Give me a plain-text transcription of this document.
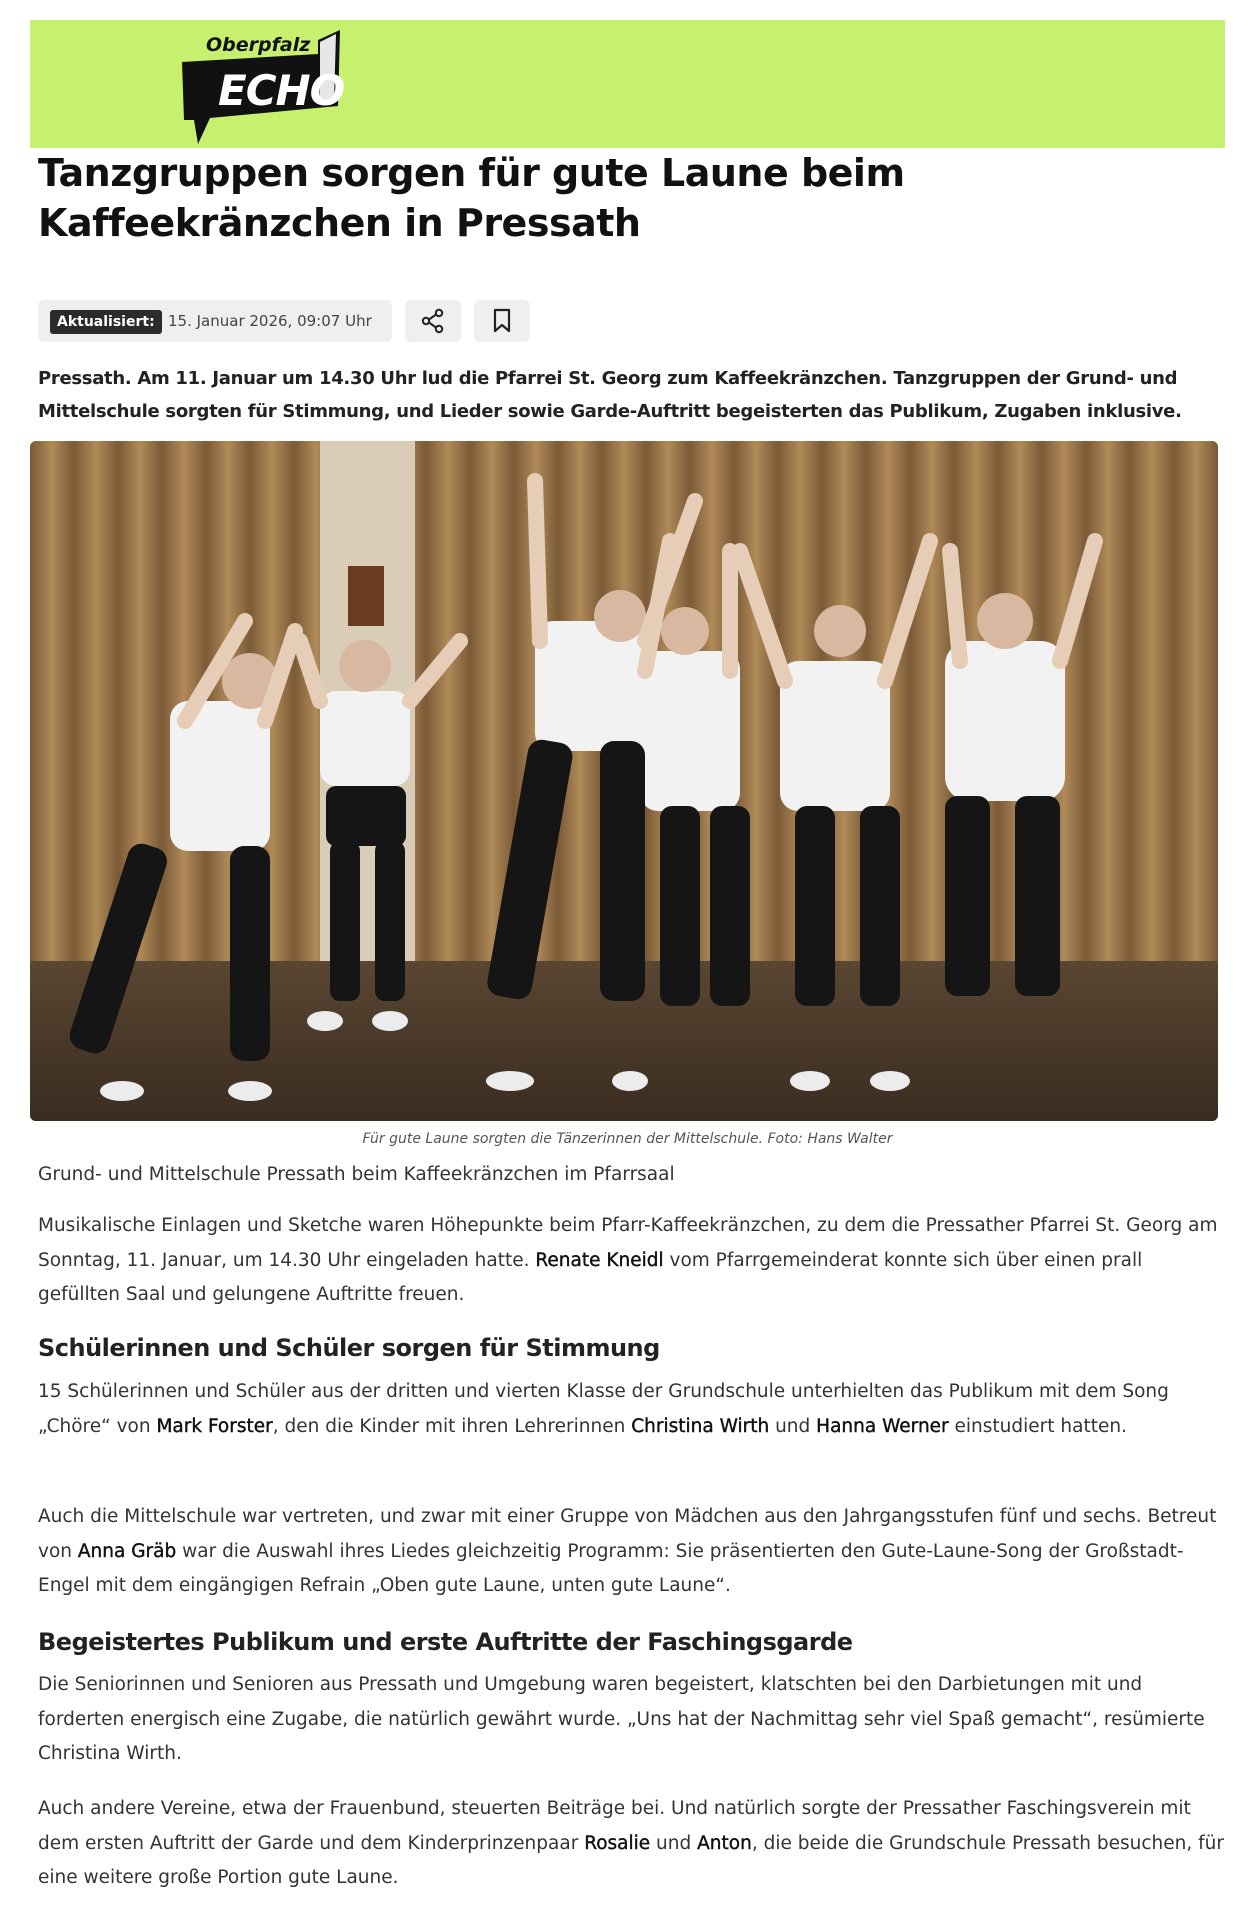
Oberpfalz
ECHO
Tanzgruppen sorgen für gute Laune beim Kaffeekränzchen in Pressath
Aktualisiert: 15. Januar 2026, 09:07 Uhr

Pressath. Am 11. Januar um 14.30 Uhr lud die Pfarrei St. Georg zum Kaffeekränzchen. Tanzgruppen der Grund- und Mittelschule sorgten für Stimmung, und Lieder sowie Garde-Auftritt begeisterten das Publikum, Zugaben inklusive.

Für gute Laune sorgten die Tänzerinnen der Mittelschule. Foto: Hans Walter

Grund- und Mittelschule Pressath beim Kaffeekränzchen im Pfarrsaal

Musikalische Einlagen und Sketche waren Höhepunkte beim Pfarr-Kaffeekränzchen, zu dem die Pressather Pfarrei St. Georg am Sonntag, 11. Januar, um 14.30 Uhr eingeladen hatte. Renate Kneidl vom Pfarrgemeinderat konnte sich über einen prall gefüllten Saal und gelungene Auftritte freuen.

Schülerinnen und Schüler sorgen für Stimmung

15 Schülerinnen und Schüler aus der dritten und vierten Klasse der Grundschule unterhielten das Publikum mit dem Song „Chöre“ von Mark Forster, den die Kinder mit ihren Lehrerinnen Christina Wirth und Hanna Werner einstudiert hatten.

Auch die Mittelschule war vertreten, und zwar mit einer Gruppe von Mädchen aus den Jahrgangsstufen fünf und sechs. Betreut von Anna Gräb war die Auswahl ihres Liedes gleichzeitig Programm: Sie präsentierten den Gute-Laune-Song der Großstadt-Engel mit dem eingängigen Refrain „Oben gute Laune, unten gute Laune“.

Begeistertes Publikum und erste Auftritte der Faschingsgarde

Die Seniorinnen und Senioren aus Pressath und Umgebung waren begeistert, klatschten bei den Darbietungen mit und forderten energisch eine Zugabe, die natürlich gewährt wurde. „Uns hat der Nachmittag sehr viel Spaß gemacht“, resümierte Christina Wirth.

Auch andere Vereine, etwa der Frauenbund, steuerten Beiträge bei. Und natürlich sorgte der Pressather Faschingsverein mit dem ersten Auftritt der Garde und dem Kinderprinzenpaar Rosalie und Anton, die beide die Grundschule Pressath besuchen, für eine weitere große Portion gute Laune.
